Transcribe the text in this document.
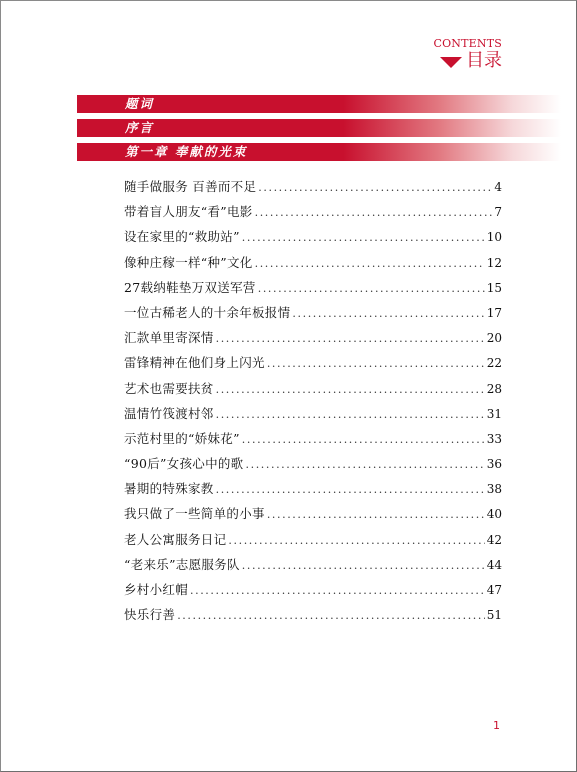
CONTENTS
目录
题词
序言
第一章 奉献的光束
随手做服务 百善而不足 .....	4
带着盲人朋友“看”电影 .....	7
设在家里的“救助站” .....	10
像种庄稼一样“种”文化 .....	12
27载纳鞋垫万双送军营 .....	15
一位古稀老人的十余年板报情 .....	17
汇款单里寄深情 .....	20
雷锋精神在他们身上闪光 .....	22
艺术也需要扶贫 .....	28
温情竹筏渡村邻 .....	31
示范村里的“娇妹花” .....	33
“90后”女孩心中的歌 .....	36
暑期的特殊家教 .....	38
我只做了一些简单的小事 .....	40
老人公寓服务日记 .....	42
“老来乐”志愿服务队 .....	44
乡村小红帽 .....	47
快乐行善 .....	51
1
